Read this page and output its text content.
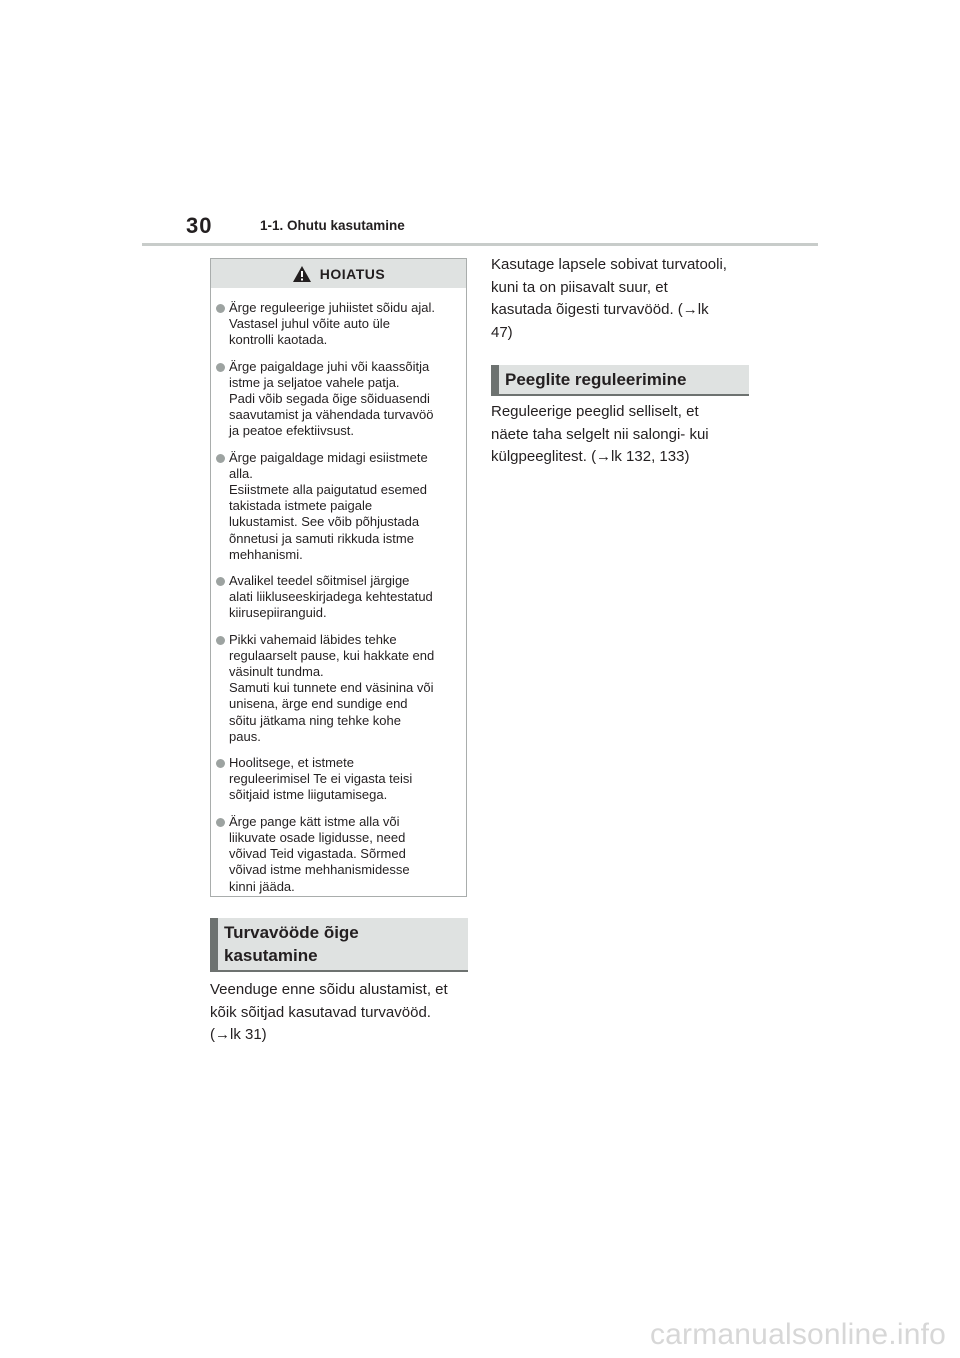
30	1-1. Ohutu kasutamine
HOIATUS
Ärge reguleerige juhiistet sõidu ajal.
Vastasel juhul võite auto üle
kontrolli kaotada.
Ärge paigaldage juhi või kaassõitja
istme ja seljatoe vahele patja.
Padi võib segada õige sõiduasendi
saavutamist ja vähendada turvavöö
ja peatoe efektiivsust.
Ärge paigaldage midagi esiistmete
alla.
Esiistmete alla paigutatud esemed
takistada istmete paigale
lukustamist. See võib põhjustada
õnnetusi ja samuti rikkuda istme
mehhanismi.
Avalikel teedel sõitmisel järgige
alati liikluseeskirjadega kehtestatud
kiirusepiiranguid.
Pikki vahemaid läbides tehke
regulaarselt pause, kui hakkate end
väsinult tundma.
Samuti kui tunnete end väsinina või
unisena, ärge end sundige end
sõitu jätkama ning tehke kohe
paus.
Hoolitsege, et istmete
reguleerimisel Te ei vigasta teisi
sõitjaid istme liigutamisega.
Ärge pange kätt istme alla või
liikuvate osade ligidusse, need
võivad Teid vigastada. Sõrmed
võivad istme mehhanismidesse
kinni jääda.
Turvavööde õige
kasutamine
Veenduge enne sõidu alustamist, et
kõik sõitjad kasutavad turvavööd.
(→lk 31)
Kasutage lapsele sobivat turvatooli,
kuni ta on piisavalt suur, et
kasutada õigesti turvavööd. (→lk
47)
Peeglite reguleerimine
Reguleerige peeglid selliselt, et
näete taha selgelt nii salongi- kui
külgpeeglitest. (→lk 132, 133)
carmanualsonline.info
